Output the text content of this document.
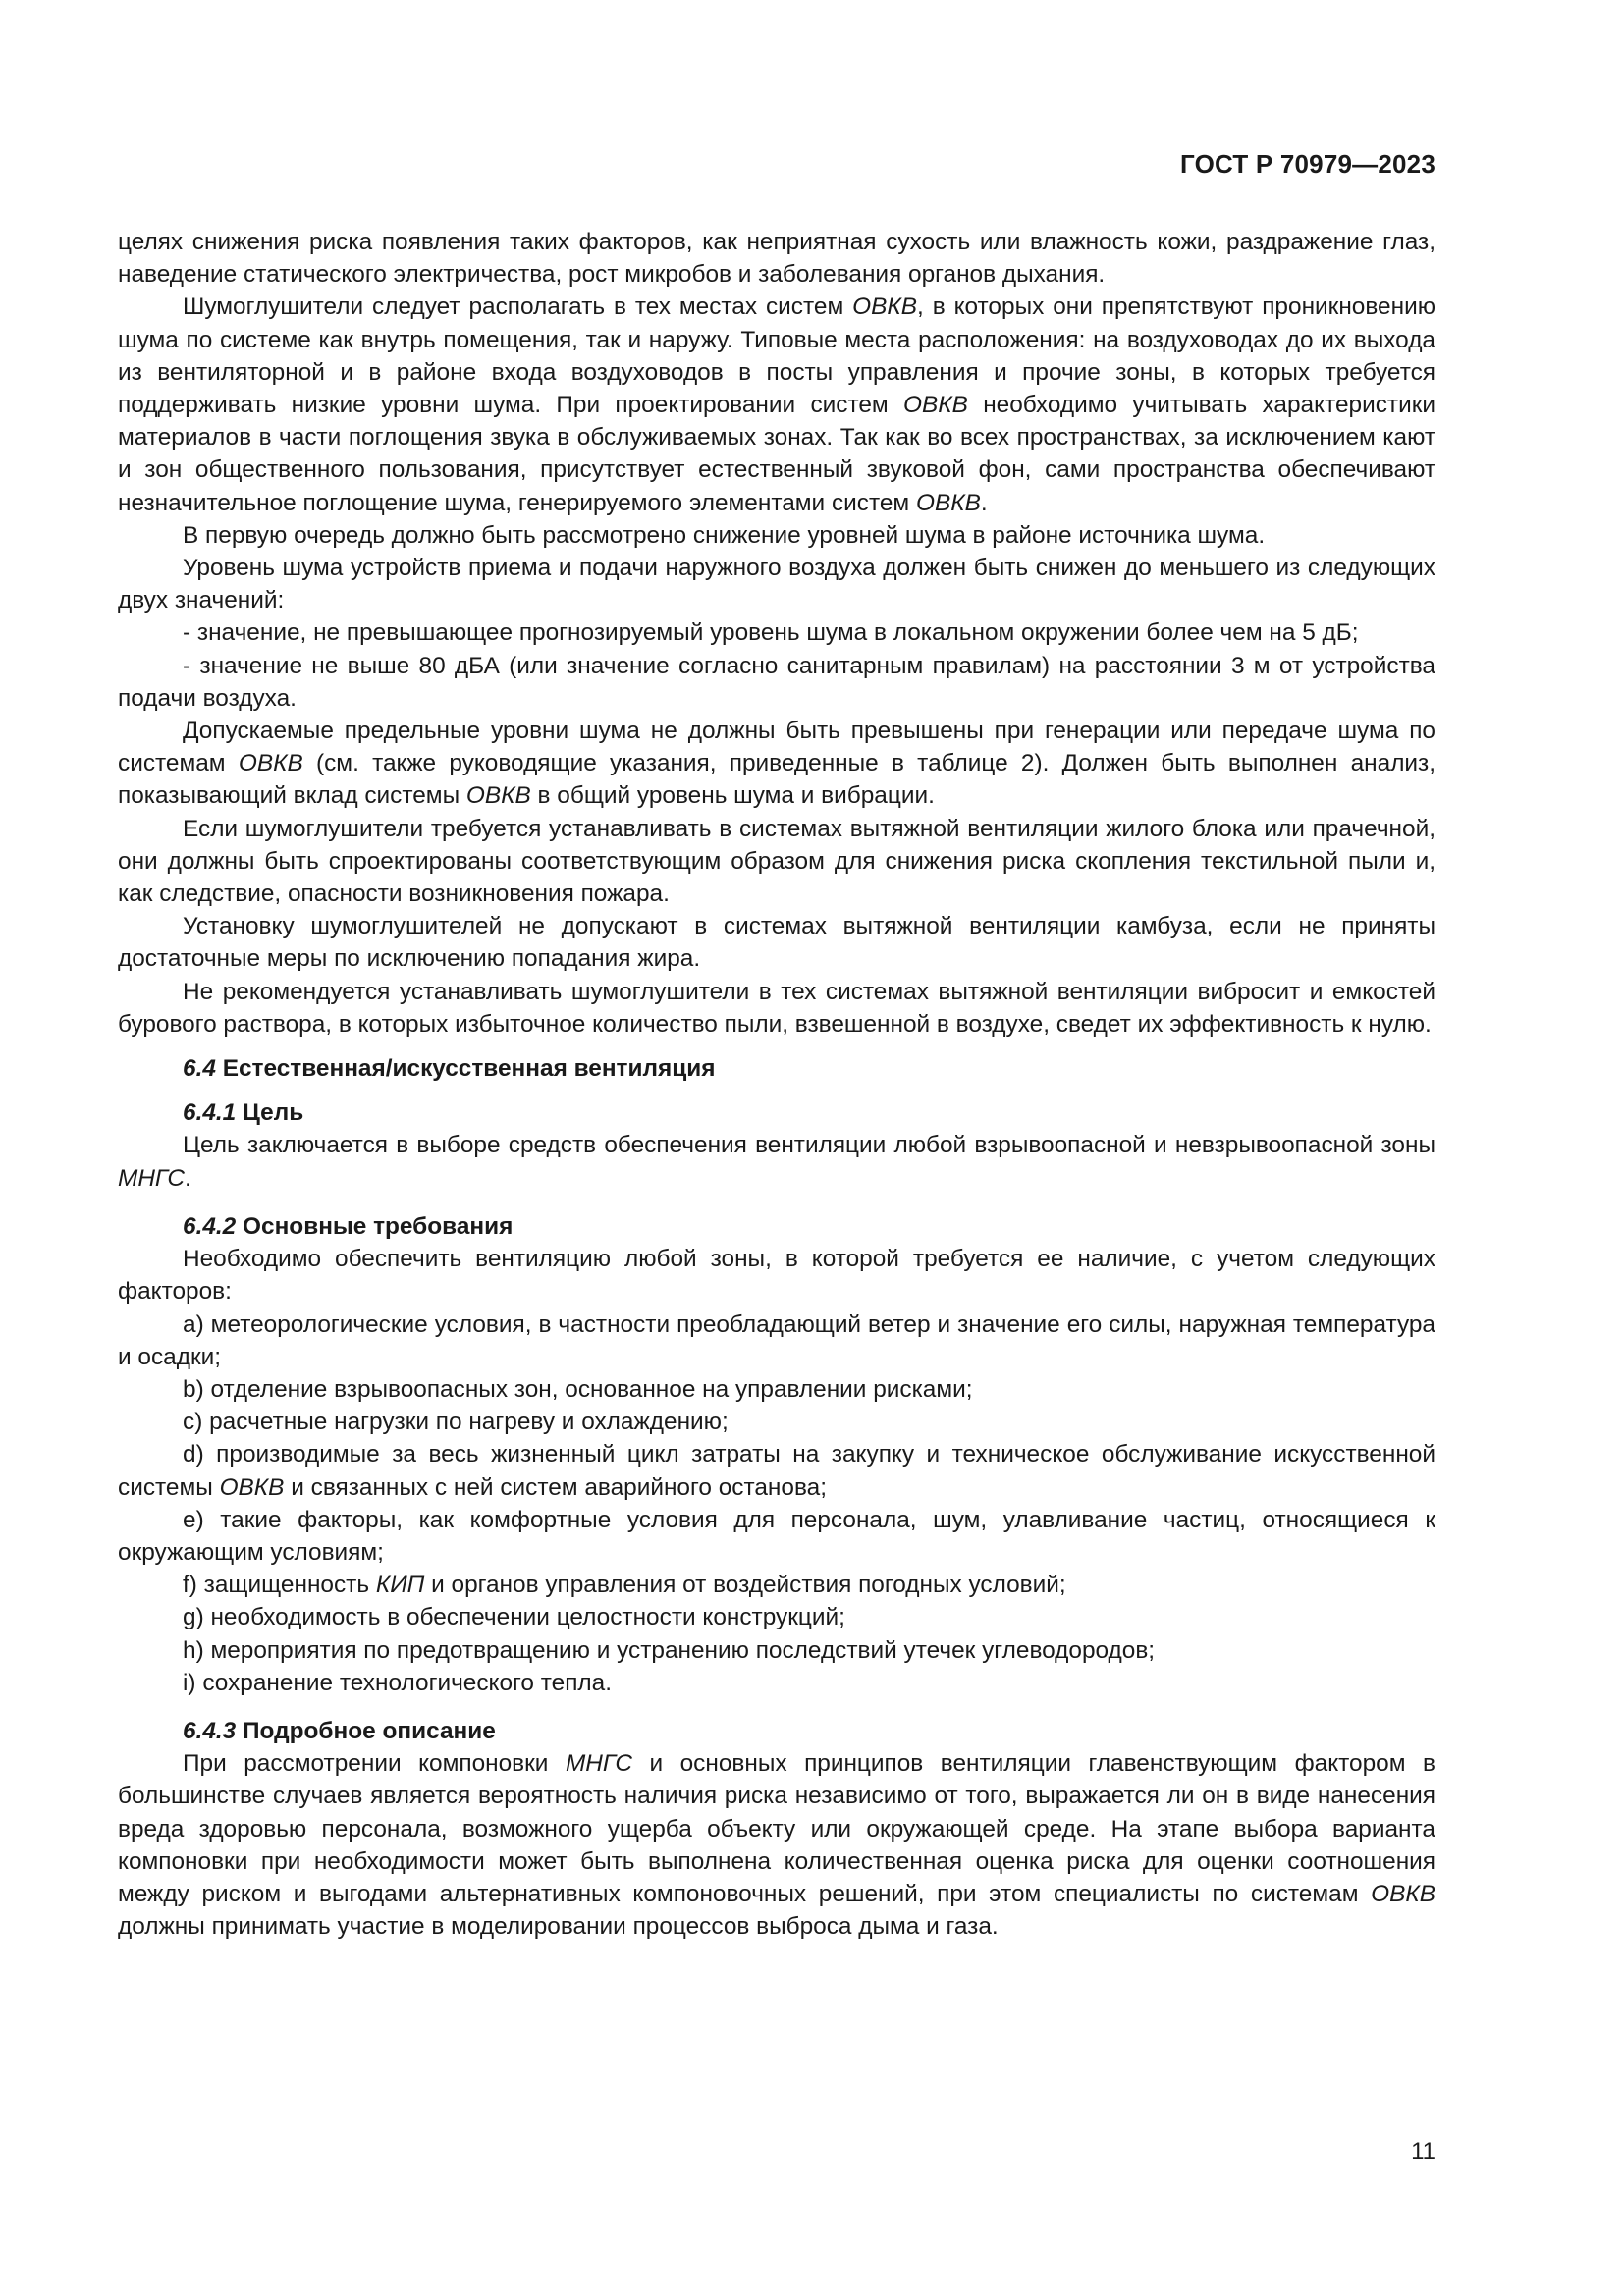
ГОСТ Р 70979—2023

целях снижения риска появления таких факторов, как неприятная сухость или влажность кожи, раздражение глаз, наведение статического электричества, рост микробов и заболевания органов дыхания.

Шумоглушители следует располагать в тех местах систем ОВКВ, в которых они препятствуют проникновению шума по системе как внутрь помещения, так и наружу. Типовые места расположения: на воздуховодах до их выхода из вентиляторной и в районе входа воздуховодов в посты управления и прочие зоны, в которых требуется поддерживать низкие уровни шума. При проектировании систем ОВКВ необходимо учитывать характеристики материалов в части поглощения звука в обслуживаемых зонах. Так как во всех пространствах, за исключением кают и зон общественного пользования, присутствует естественный звуковой фон, сами пространства обеспечивают незначительное поглощение шума, генерируемого элементами систем ОВКВ.

В первую очередь должно быть рассмотрено снижение уровней шума в районе источника шума.

Уровень шума устройств приема и подачи наружного воздуха должен быть снижен до меньшего из следующих двух значений:

- значение, не превышающее прогнозируемый уровень шума в локальном окружении более чем на 5 дБ;

- значение не выше 80 дБА (или значение согласно санитарным правилам) на расстоянии 3 м от устройства подачи воздуха.

Допускаемые предельные уровни шума не должны быть превышены при генерации или передаче шума по системам ОВКВ (см. также руководящие указания, приведенные в таблице 2). Должен быть выполнен анализ, показывающий вклад системы ОВКВ в общий уровень шума и вибрации.

Если шумоглушители требуется устанавливать в системах вытяжной вентиляции жилого блока или прачечной, они должны быть спроектированы соответствующим образом для снижения риска скопления текстильной пыли и, как следствие, опасности возникновения пожара.

Установку шумоглушителей не допускают в системах вытяжной вентиляции камбуза, если не приняты достаточные меры по исключению попадания жира.

Не рекомендуется устанавливать шумоглушители в тех системах вытяжной вентиляции вибросит и емкостей бурового раствора, в которых избыточное количество пыли, взвешенной в воздухе, сведет их эффективность к нулю.

6.4 Естественная/искусственная вентиляция

6.4.1 Цель

Цель заключается в выборе средств обеспечения вентиляции любой взрывоопасной и невзрывоопасной зоны МНГС.

6.4.2 Основные требования

Необходимо обеспечить вентиляцию любой зоны, в которой требуется ее наличие, с учетом следующих факторов:

а) метеорологические условия, в частности преобладающий ветер и значение его силы, наружная температура и осадки;

b) отделение взрывоопасных зон, основанное на управлении рисками;

c) расчетные нагрузки по нагреву и охлаждению;

d) производимые за весь жизненный цикл затраты на закупку и техническое обслуживание искусственной системы ОВКВ и связанных с ней систем аварийного останова;

е) такие факторы, как комфортные условия для персонала, шум, улавливание частиц, относящиеся к окружающим условиям;

f) защищенность КИП и органов управления от воздействия погодных условий;

g) необходимость в обеспечении целостности конструкций;

h) мероприятия по предотвращению и устранению последствий утечек углеводородов;

i) сохранение технологического тепла.

6.4.3 Подробное описание

При рассмотрении компоновки МНГС и основных принципов вентиляции главенствующим фактором в большинстве случаев является вероятность наличия риска независимо от того, выражается ли он в виде нанесения вреда здоровью персонала, возможного ущерба объекту или окружающей среде. На этапе выбора варианта компоновки при необходимости может быть выполнена количественная оценка риска для оценки соотношения между риском и выгодами альтернативных компоновочных решений, при этом специалисты по системам ОВКВ должны принимать участие в моделировании процессов выброса дыма и газа.

11
